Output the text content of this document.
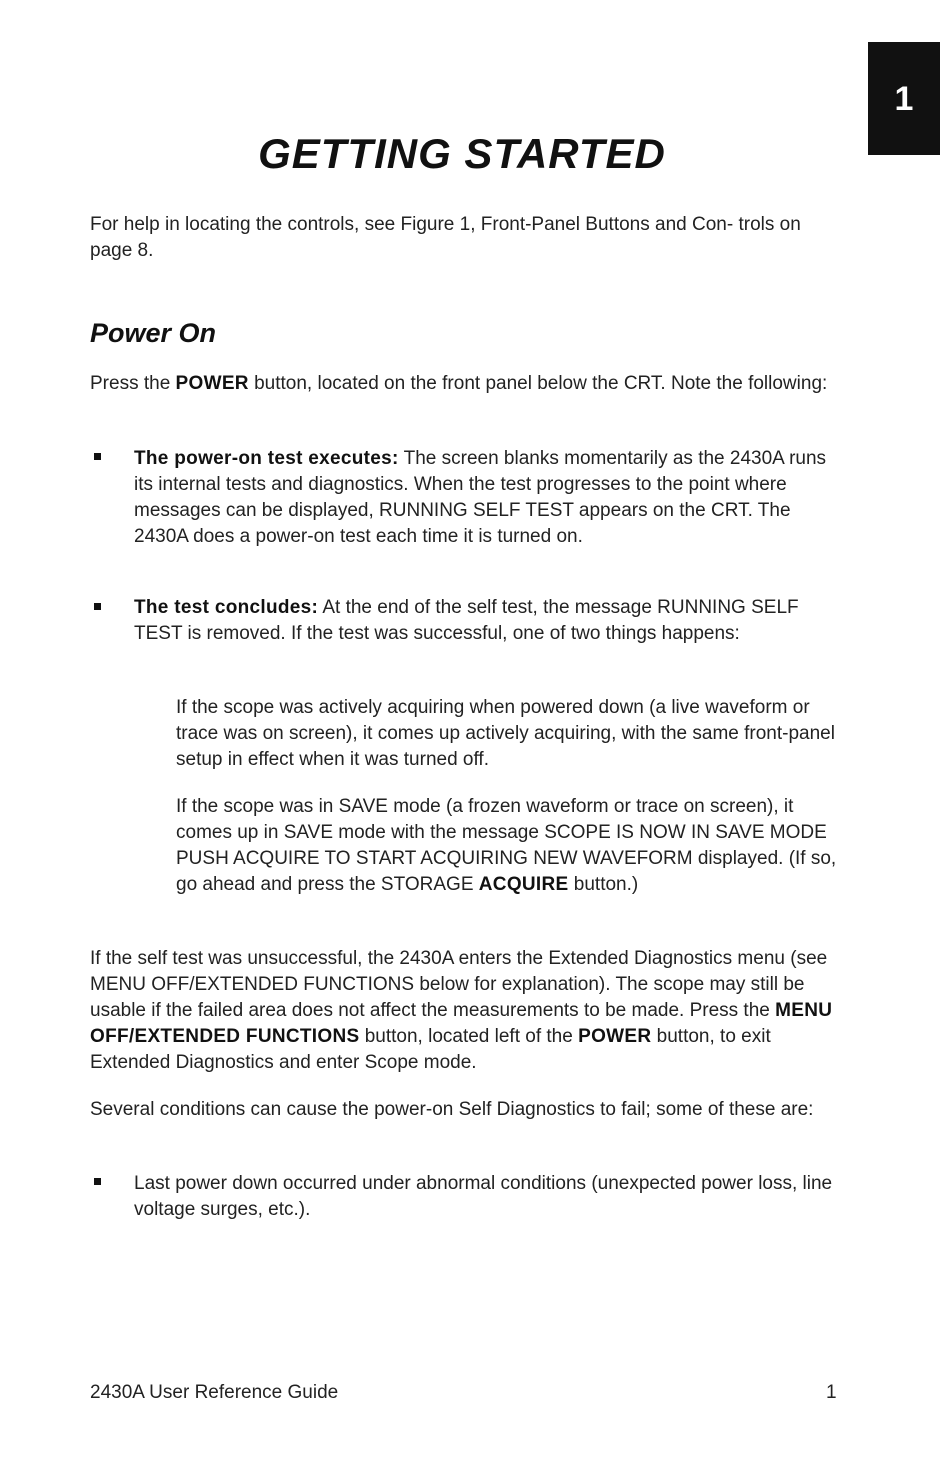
1
GETTING STARTED

For help in locating the controls, see Figure 1, Front-Panel Buttons and Con- trols on page 8.

Power On

Press the POWER button, located on the front panel below the CRT. Note the following:

The power-on test executes: The screen blanks momentarily as the 2430A runs its internal tests and diagnostics. When the test progresses to the point where messages can be displayed, RUNNING SELF TEST appears on the CRT. The 2430A does a power-on test each time it is turned on.

The test concludes: At the end of the self test, the message RUNNING SELF TEST is removed. If the test was successful, one of two things happens:

If the scope was actively acquiring when powered down (a live waveform or trace was on screen), it comes up actively acquiring, with the same front-panel setup in effect when it was turned off.

If the scope was in SAVE mode (a frozen waveform or trace on screen), it comes up in SAVE mode with the message SCOPE IS NOW IN SAVE MODE PUSH ACQUIRE TO START ACQUIRING NEW WAVEFORM displayed. (If so, go ahead and press the STORAGE ACQUIRE button.)

If the self test was unsuccessful, the 2430A enters the Extended Diagnostics menu (see MENU OFF/EXTENDED FUNCTIONS below for explanation). The scope may still be usable if the failed area does not affect the measurements to be made. Press the MENU OFF/EXTENDED FUNCTIONS button, located left of the POWER button, to exit Extended Diagnostics and enter Scope mode.

Several conditions can cause the power-on Self Diagnostics to fail; some of these are:

Last power down occurred under abnormal conditions (unexpected power loss, line voltage surges, etc.).

2430A User Reference Guide	1
